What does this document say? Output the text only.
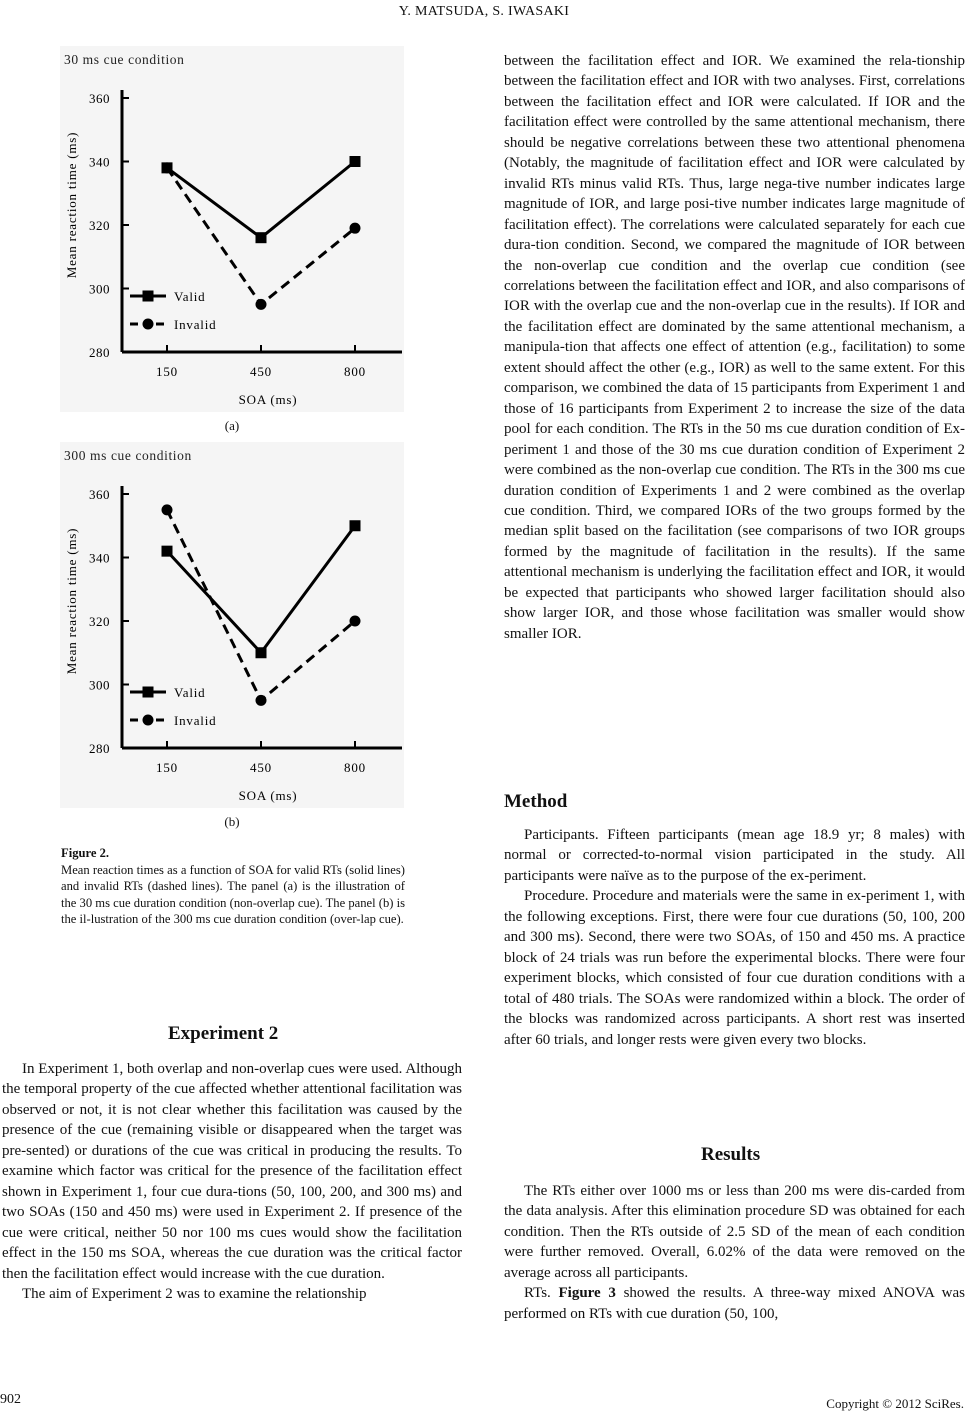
Y. MATSUDA, S. IWASAKI
30 ms cue condition
280
300
320
340
360
150	450	800
SOA (ms)
Mean reaction time (ms)
Valid
Invalid
(a)
300 ms cue condition
280
300
320
340
360
150	450	800
SOA (ms)
Mean reaction time (ms)
Valid
Invalid
(b)
Figure 2.
Mean reaction times as a function of SOA for valid RTs (solid lines) and invalid RTs (dashed lines). The panel (a) is the illustration of the 30 ms cue duration condition (non-overlap cue). The panel (b) is the il-lustration of the 300 ms cue duration condition (over-lap cue).
Experiment 2

In Experiment 1, both overlap and non-overlap cues were used. Although the temporal property of the cue affected whether attentional facilitation was observed or not, it is not clear whether this facilitation was caused by the presence of the cue (remaining visible or disappeared when the target was pre-sented) or durations of the cue was critical in producing the results. To examine which factor was critical for the presence of the facilitation effect shown in Experiment 1, four cue dura-tions (50, 100, 200, and 300 ms) and two SOAs (150 and 450 ms) were used in Experiment 2. If presence of the cue were critical, neither 50 nor 100 ms cues would show the facilitation effect in the 150 ms SOA, whereas the cue duration was the critical factor then the facilitation effect would increase with the cue duration.

The aim of Experiment 2 was to examine the relationship

between the facilitation effect and IOR. We examined the rela-tionship between the facilitation effect and IOR with two analyses. First, correlations between the facilitation effect and IOR were calculated. If IOR and the facilitation effect were controlled by the same attentional mechanism, there should be negative correlations between these two attentional phenomena (Notably, the magnitude of facilitation effect and IOR were calculated by invalid RTs minus valid RTs. Thus, large nega-tive number indicates large magnitude of IOR, and large posi-tive number indicates large magnitude of facilitation effect). The correlations were calculated separately for each cue dura-tion condition. Second, we compared the magnitude of IOR between the non-overlap cue condition and the overlap cue condition (see correlations between the facilitation effect and IOR, and also comparisons of IOR with the overlap cue and the non-overlap cue in the results). If IOR and the facilitation effect are dominated by the same attentional mechanism, a manipula-tion that affects one effect of attention (e.g., facilitation) to some extent should affect the other (e.g., IOR) as well to the same extent. For this comparison, we combined the data of 15 participants from Experiment 1 and those of 16 participants from Experiment 2 to increase the size of the data pool for each condition. The RTs in the 50 ms cue duration condition of Ex-periment 1 and those of the 30 ms cue duration condition of Experiment 2 were combined as the non-overlap cue condition. The RTs in the 300 ms cue duration condition of Experiments 1 and 2 were combined as the overlap cue condition. Third, we compared IORs of the two groups formed by the median split based on the facilitation (see comparisons of two IOR groups formed by the magnitude of facilitation in the results). If the same attentional mechanism is underlying the facilitation effect and IOR, it would be expected that participants who showed larger facilitation should also show larger IOR, and those whose facilitation was smaller would show smaller IOR.

Method

Participants. Fifteen participants (mean age 18.9 yr; 8 males) with normal or corrected-to-normal vision participated in the study. All participants were naïve as to the purpose of the ex-periment.

Procedure. Procedure and materials were the same in ex-periment 1, with the following exceptions. First, there were four cue durations (50, 100, 200 and 300 ms). Second, there were two SOAs, of 150 and 450 ms. A practice block of 24 trials was run before the experimental blocks. There were four experiment blocks, which consisted of four cue duration conditions with a total of 480 trials. The SOAs were randomized within a block. The order of the blocks was randomized across participants. A short rest was inserted after 60 trials, and longer rests were given every two blocks.

Results

The RTs either over 1000 ms or less than 200 ms were dis-carded from the data analysis. After this elimination procedure SD was obtained for each condition. Then the RTs outside of 2.5 SD of the mean of each condition were further removed. Overall, 6.02% of the data were removed on the average across all participants.

RTs. Figure 3 showed the results. A three-way mixed ANOVA was performed on RTs with cue duration (50, 100,

902	Copyright © 2012 SciRes.
